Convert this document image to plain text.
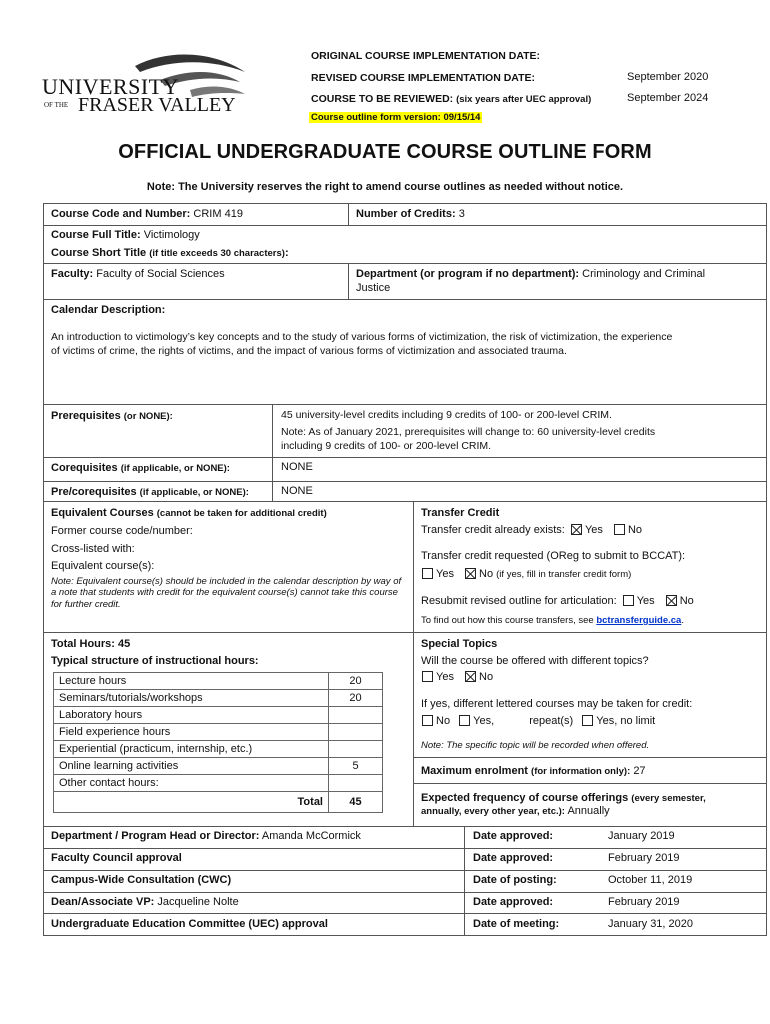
UNIVERSITY
OF THE FRASER VALLEY
ORIGINAL COURSE IMPLEMENTATION DATE:
REVISED COURSE IMPLEMENTATION DATE:	September 2020
COURSE TO BE REVIEWED: (six years after UEC approval)	September 2024
Course outline form version: 09/15/14
OFFICIAL UNDERGRADUATE COURSE OUTLINE FORM
Note: The University reserves the right to amend course outlines as needed without notice.
Course Code and Number: CRIM 419	Number of Credits: 3
Course Full Title: Victimology
Course Short Title (if title exceeds 30 characters):
Faculty: Faculty of Social Sciences	Department (or program if no department): Criminology and Criminal
Justice
Calendar Description:
An introduction to victimology’s key concepts and to the study of various forms of victimization, the risk of victimization, the experience
of victims of crime, the rights of victims, and the impact of various forms of victimization and associated trauma.
Prerequisites (or NONE):	45 university-level credits including 9 credits of 100- or 200-level CRIM.
Note: As of January 2021, prerequisites will change to: 60 university-level credits
including 9 credits of 100- or 200-level CRIM.
Corequisites (if applicable, or NONE):	NONE
Pre/corequisites (if applicable, or NONE):	NONE
Equivalent Courses (cannot be taken for additional credit)
Former course code/number:
Cross-listed with:
Equivalent course(s):
Note: Equivalent course(s) should be included in the calendar description by way of a note that students with credit for the equivalent course(s) cannot take this course for further credit.
Transfer Credit
Transfer credit already exists: Yes No
Transfer credit requested (OReg to submit to BCCAT):
Yes No (if yes, fill in transfer credit form)
Resubmit revised outline for articulation: Yes No
To find out how this course transfers, see bctransferguide.ca.
Total Hours: 45
Typical structure of instructional hours:
Lecture hours	20
Seminars/tutorials/workshops	20
Laboratory hours	
Field experience hours	
Experiential (practicum, internship, etc.)	
Online learning activities	5
Other contact hours:	
Total	45
Special Topics
Will the course be offered with different topics?
Yes No
If yes, different lettered courses may be taken for credit:
No Yes,	repeat(s) Yes, no limit
Note: The specific topic will be recorded when offered.
Maximum enrolment (for information only): 27
Expected frequency of course offerings (every semester,
annually, every other year, etc.): Annually
Department / Program Head or Director: Amanda McCormick	Date approved:	January 2019
Faculty Council approval	Date approved:	February 2019
Campus-Wide Consultation (CWC)	Date of posting:	October 11, 2019
Dean/Associate VP: Jacqueline Nolte	Date approved:	February 2019
Undergraduate Education Committee (UEC) approval	Date of meeting:	January 31, 2020
